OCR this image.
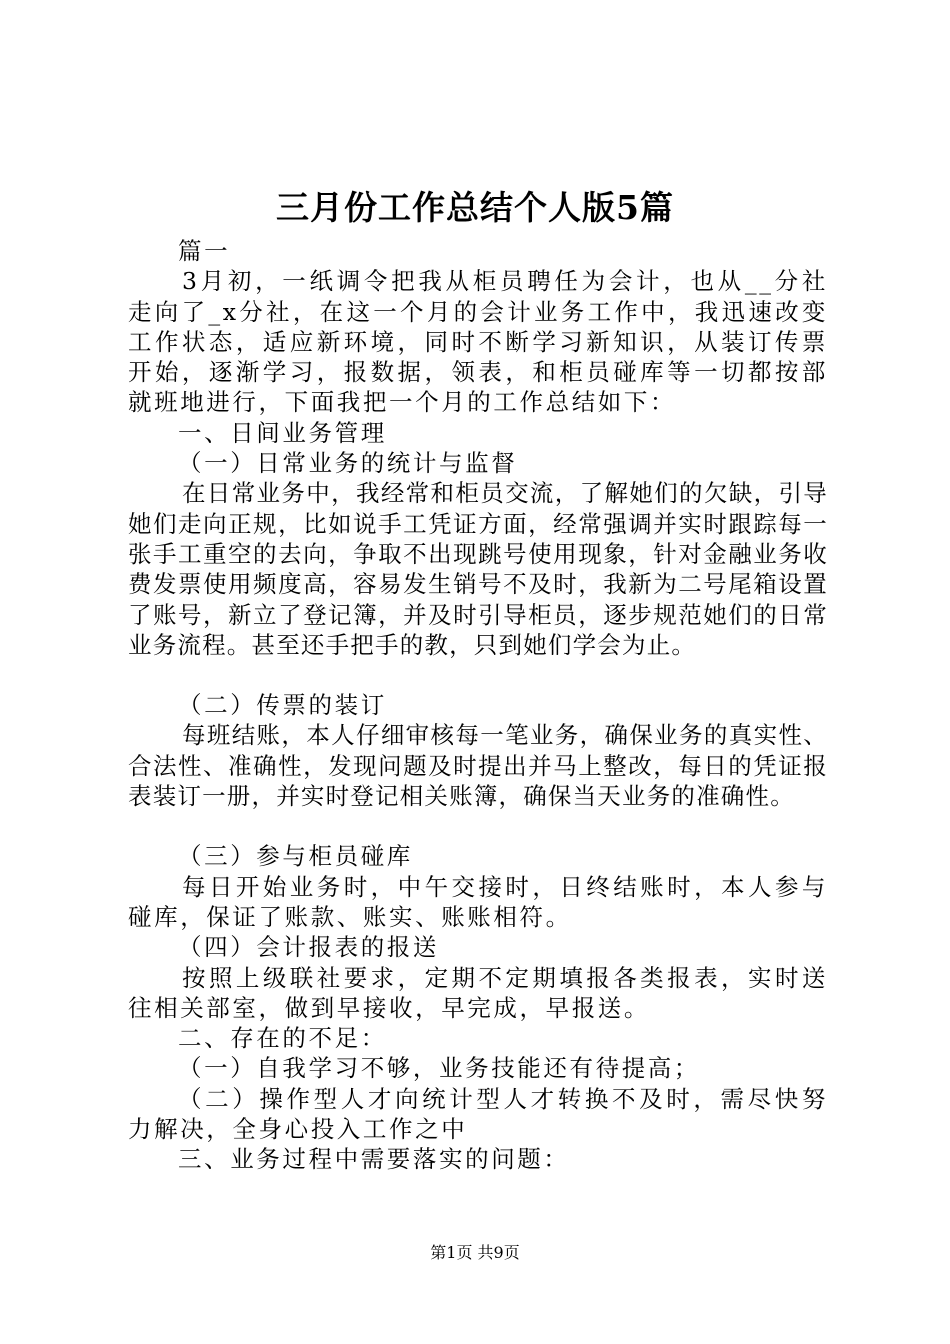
三月份工作总结个人版5篇

篇一

3月初，一纸调令把我从柜员聘任为会计，也从__分社走向了_x分社，在这一个月的会计业务工作中，我迅速改变工作状态，适应新环境，同时不断学习新知识，从装订传票开始，逐渐学习，报数据，领表，和柜员碰库等一切都按部就班地进行，下面我把一个月的工作总结如下：

一、日间业务管理

（一）日常业务的统计与监督

在日常业务中，我经常和柜员交流，了解她们的欠缺，引导她们走向正规，比如说手工凭证方面，经常强调并实时跟踪每一张手工重空的去向，争取不出现跳号使用现象，针对金融业务收费发票使用频度高，容易发生销号不及时，我新为二号尾箱设置了账号，新立了登记簿，并及时引导柜员，逐步规范她们的日常业务流程。甚至还手把手的教，只到她们学会为止。

（二）传票的装订

每班结账，本人仔细审核每一笔业务，确保业务的真实性、合法性、准确性，发现问题及时提出并马上整改，每日的凭证报表装订一册，并实时登记相关账簿，确保当天业务的准确性。

（三）参与柜员碰库

每日开始业务时，中午交接时，日终结账时，本人参与碰库，保证了账款、账实、账账相符。

（四）会计报表的报送

按照上级联社要求，定期不定期填报各类报表，实时送往相关部室，做到早接收，早完成，早报送。

二、存在的不足：

（一）自我学习不够，业务技能还有待提高；

（二）操作型人才向统计型人才转换不及时，需尽快努力解决，全身心投入工作之中

三、业务过程中需要落实的问题：

第1页 共9页
